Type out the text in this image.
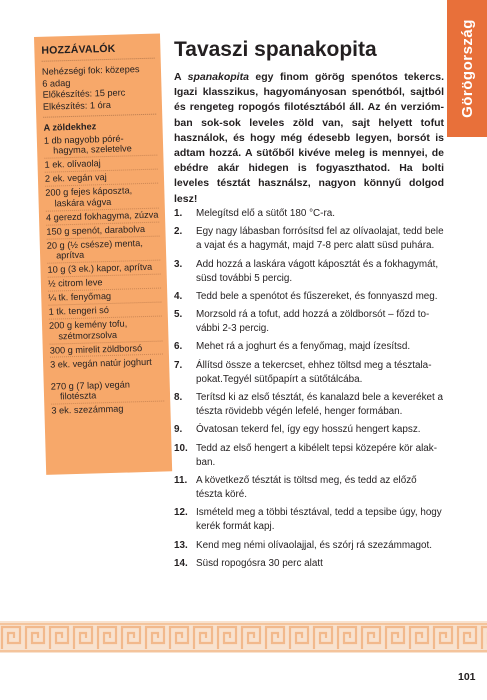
HOZZÁVALÓK
Nehézségi fok: közepes
6 adag
Előkészítés: 15 perc
Elkészítés: 1 óra
A zöldekhez
1 db nagyobb póré-hagyma, szeletelve
1 ek. olívaolaj
2 ek. vegán vaj
200 g fejes káposzta, laskára vágva
4 gerezd fokhagyma, zúzva
150 g spenót, darabolva
20 g (½ csésze) menta, aprítva
10 g (3 ek.) kapor, aprítva
½ citrom leve
¼ tk. fenyőmag
1 tk. tengeri só
200 g kemény tofu, szétmorzsolva
300 g mirelit zöldborsó
3 ek. vegán natúr joghurt
270 g (7 lap) vegán filotészta
3 ek. szezámmag
Görögország
Tavaszi spanakopita

A spanakopita egy finom görög spenótos tekercs. Igazi klasszikus, hagyományosan spenótból, sajtból és rengeteg ropogós filotésztából áll. Az én verziómban sok-sok leveles zöld van, sajt helyett tofut használok, és hogy még édesebb legyen, borsót is adtam hozzá. A sütőből kivéve meleg is mennyei, de ebédre akár hidegen is fogyaszthatod. Ha bolti leveles tésztát használsz, nagyon könnyű dolgod lesz!

1.	Melegítsd elő a sütőt 180 °C-ra.
2.	Egy nagy lábasban forrósítsd fel az olívaolajat, tedd bele a vajat és a hagymát, majd 7-8 perc alatt süsd puhára.
3.	Add hozzá a laskára vágott káposztát és a fokhagymát, süsd további 5 percig.
4.	Tedd bele a spenótot és fűszereket, és fonnyaszd meg.
5.	Morzsold rá a tofut, add hozzá a zöldborsót – főzd további 2-3 percig.
6.	Mehet rá a joghurt és a fenyőmag, majd ízesítsd.
7.	Állítsd össze a tekercset, ehhez töltsd meg a tésztalapokat.Tegyél sütőpapírt a sütőtálcába.
8.	Terítsd ki az első tésztát, és kanalazd bele a keveréket a tészta rövidebb végén lefelé, henger formában.
9.	Óvatosan tekerd fel, így egy hosszú hengert kapsz.
10. Tedd az első hengert a kibélelt tepsi közepére kör alakban.
11. A következő tésztát is töltsd meg, és tedd az előző tészta köré.
12. Ismételd meg a többi tésztával, tedd a tepsibe úgy, hogy kerék formát kapj.
13. Kend meg némi olívaolajjal, és szórj rá szezámmagot.
14. Süsd ropogósra 30 perc alatt
101
